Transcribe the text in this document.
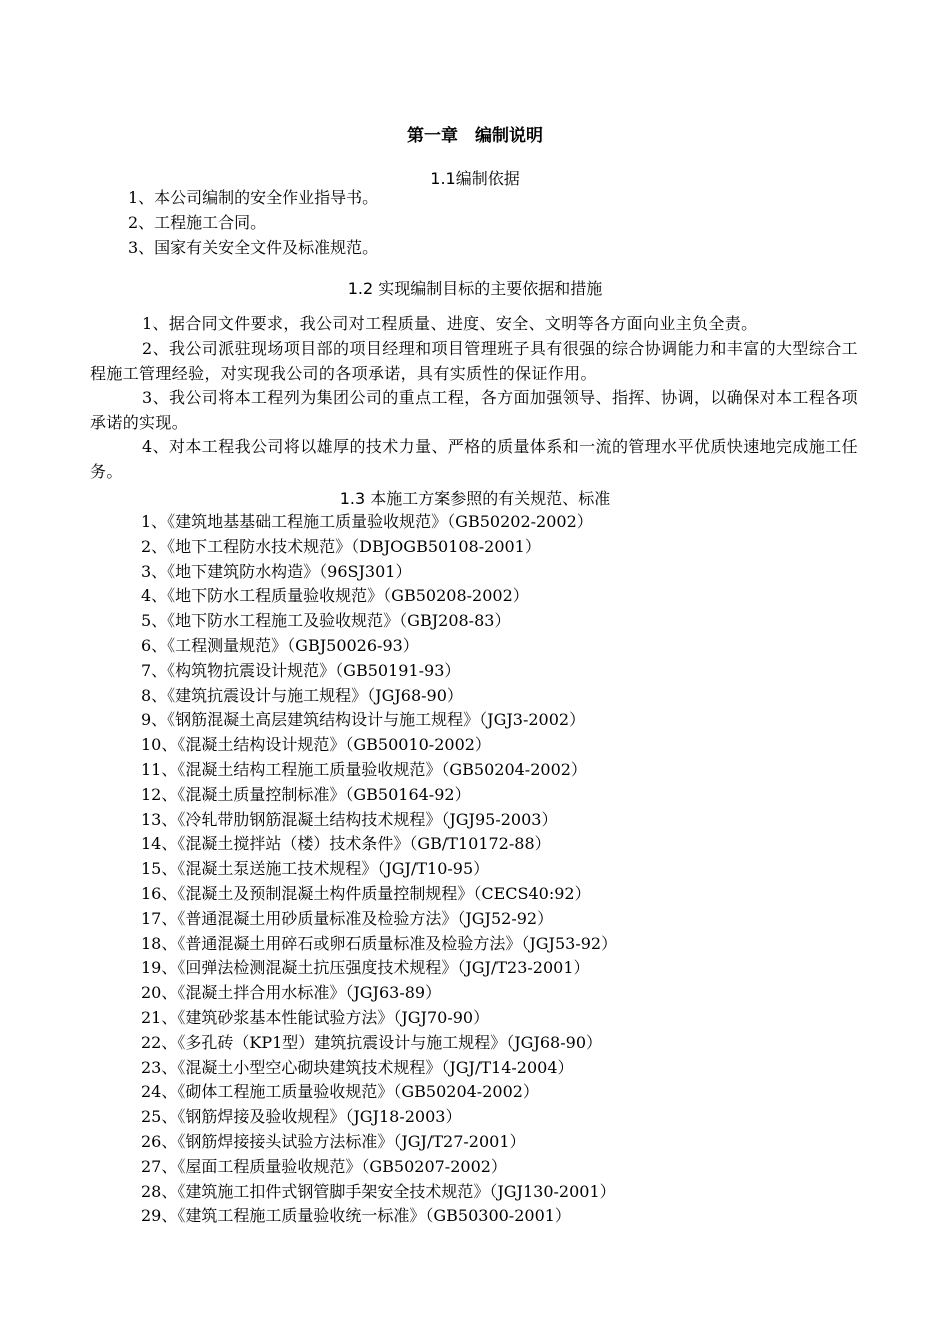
第一章　编制说明
1.1编制依据
1、本公司编制的安全作业指导书。
2、工程施工合同。
3、国家有关安全文件及标准规范。
1.2 实现编制目标的主要依据和措施
1、据合同文件要求，我公司对工程质量、进度、安全、文明等各方面向业主负全责。
2、我公司派驻现场项目部的项目经理和项目管理班子具有很强的综合协调能力和丰富的大型综合工程施工管理经验，对实现我公司的各项承诺，具有实质性的保证作用。
3、我公司将本工程列为集团公司的重点工程，各方面加强领导、指挥、协调，以确保对本工程各项承诺的实现。
4、对本工程我公司将以雄厚的技术力量、严格的质量体系和一流的管理水平优质快速地完成施工任务。
1.3 本施工方案参照的有关规范、标准
1、《建筑地基基础工程施工质量验收规范》（GB50202-2002）
2、《地下工程防水技术规范》（DBJOGB50108-2001）
3、《地下建筑防水构造》（96SJ301）
4、《地下防水工程质量验收规范》（GB50208-2002）
5、《地下防水工程施工及验收规范》（GBJ208-83）
6、《工程测量规范》（GBJ50026-93）
7、《构筑物抗震设计规范》（GB50191-93）
8、《建筑抗震设计与施工规程》（JGJ68-90）
9、《钢筋混凝土高层建筑结构设计与施工规程》（JGJ3-2002）
10、《混凝土结构设计规范》（GB50010-2002）
11、《混凝土结构工程施工质量验收规范》（GB50204-2002）
12、《混凝土质量控制标准》（GB50164-92）
13、《冷轧带肋钢筋混凝土结构技术规程》（JGJ95-2003）
14、《混凝土搅拌站（楼）技术条件》（GB/T10172-88）
15、《混凝土泵送施工技术规程》（JGJ/T10-95）
16、《混凝土及预制混凝土构件质量控制规程》（CECS40:92）
17、《普通混凝土用砂质量标准及检验方法》（JGJ52-92）
18、《普通混凝土用碎石或卵石质量标准及检验方法》（JGJ53-92）
19、《回弹法检测混凝土抗压强度技术规程》（JGJ/T23-2001）
20、《混凝土拌合用水标准》（JGJ63-89）
21、《建筑砂浆基本性能试验方法》（JGJ70-90）
22、《多孔砖（KP1型）建筑抗震设计与施工规程》（JGJ68-90）
23、《混凝土小型空心砌块建筑技术规程》（JGJ/T14-2004）
24、《砌体工程施工质量验收规范》（GB50204-2002）
25、《钢筋焊接及验收规程》（JGJ18-2003）
26、《钢筋焊接接头试验方法标准》（JGJ/T27-2001）
27、《屋面工程质量验收规范》（GB50207-2002）
28、《建筑施工扣件式钢管脚手架安全技术规范》（JGJ130-2001）
29、《建筑工程施工质量验收统一标准》（GB50300-2001）
